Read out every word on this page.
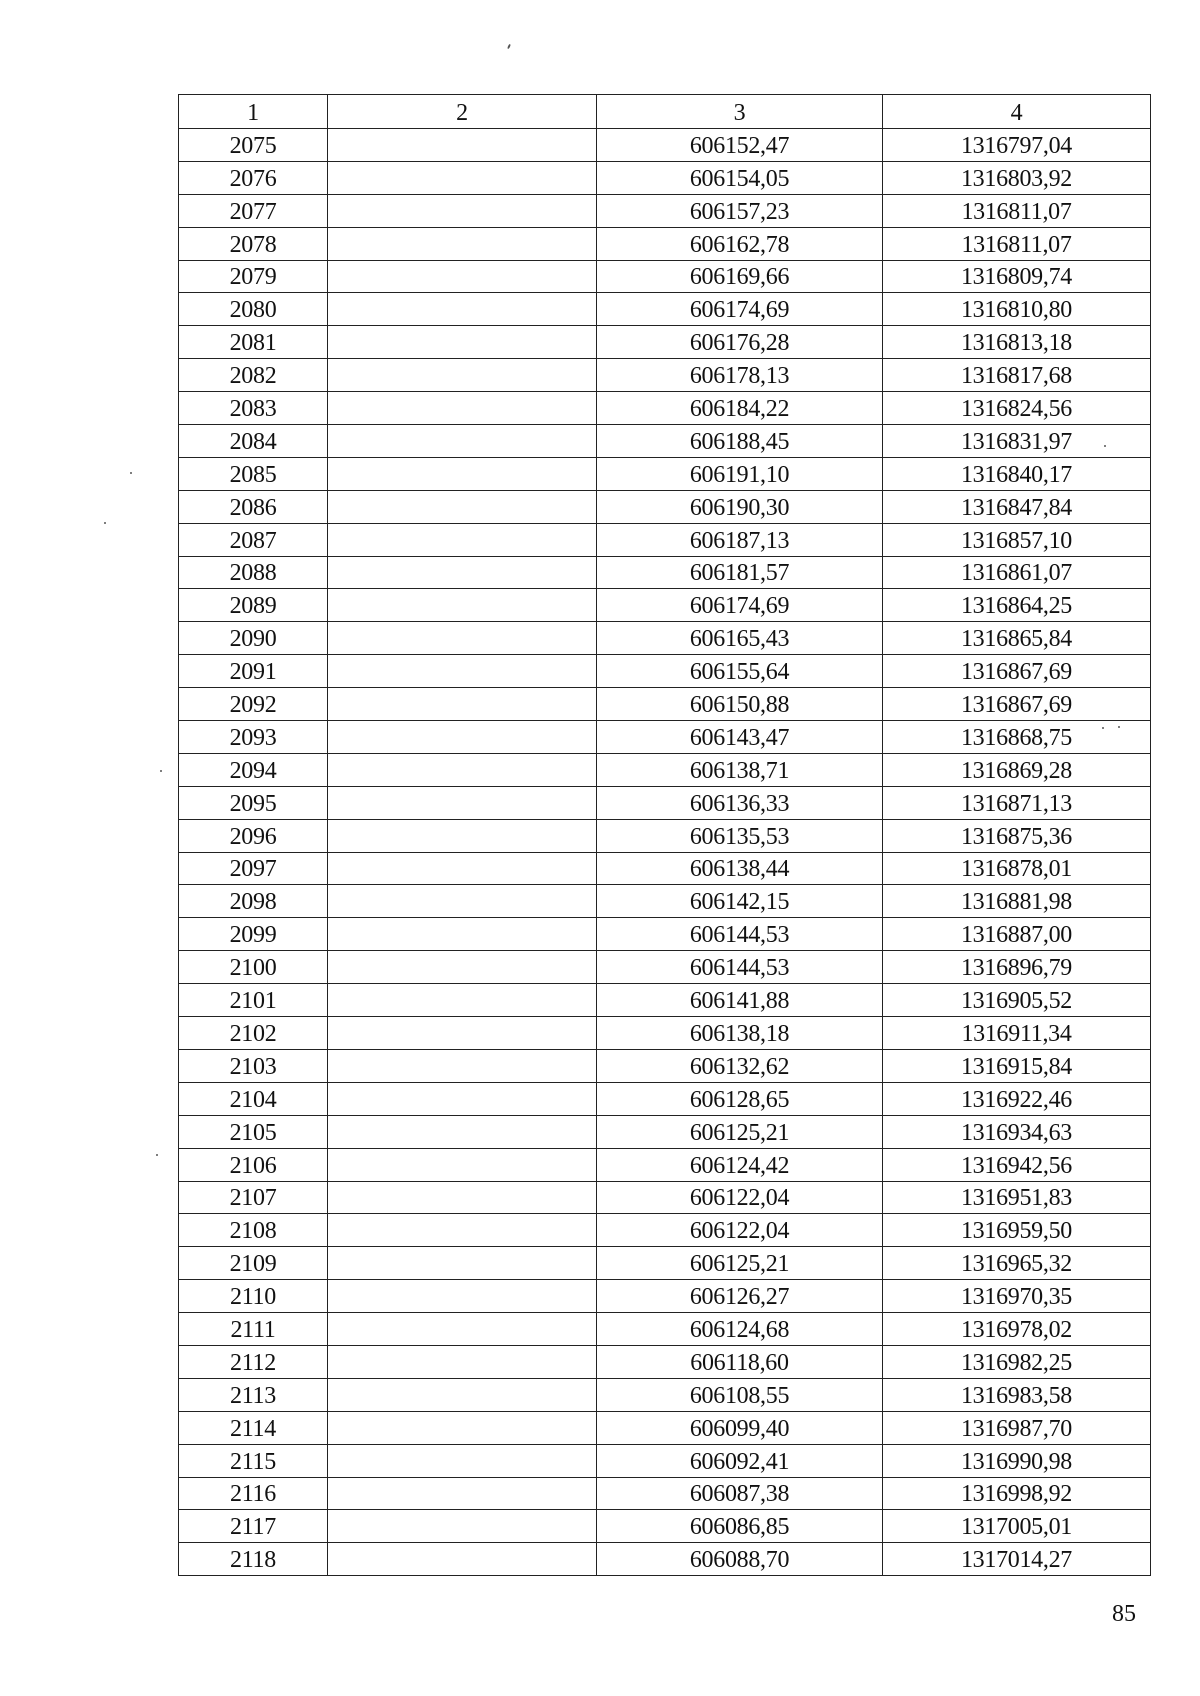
1	2	3	4
2075		606152,47	1316797,04
2076		606154,05	1316803,92
2077		606157,23	1316811,07
2078		606162,78	1316811,07
2079		606169,66	1316809,74
2080		606174,69	1316810,80
2081		606176,28	1316813,18
2082		606178,13	1316817,68
2083		606184,22	1316824,56
2084		606188,45	1316831,97
2085		606191,10	1316840,17
2086		606190,30	1316847,84
2087		606187,13	1316857,10
2088		606181,57	1316861,07
2089		606174,69	1316864,25
2090		606165,43	1316865,84
2091		606155,64	1316867,69
2092		606150,88	1316867,69
2093		606143,47	1316868,75
2094		606138,71	1316869,28
2095		606136,33	1316871,13
2096		606135,53	1316875,36
2097		606138,44	1316878,01
2098		606142,15	1316881,98
2099		606144,53	1316887,00
2100		606144,53	1316896,79
2101		606141,88	1316905,52
2102		606138,18	1316911,34
2103		606132,62	1316915,84
2104		606128,65	1316922,46
2105		606125,21	1316934,63
2106		606124,42	1316942,56
2107		606122,04	1316951,83
2108		606122,04	1316959,50
2109		606125,21	1316965,32
2110		606126,27	1316970,35
2111		606124,68	1316978,02
2112		606118,60	1316982,25
2113		606108,55	1316983,58
2114		606099,40	1316987,70
2115		606092,41	1316990,98
2116		606087,38	1316998,92
2117		606086,85	1317005,01
2118		606088,70	1317014,27
85
